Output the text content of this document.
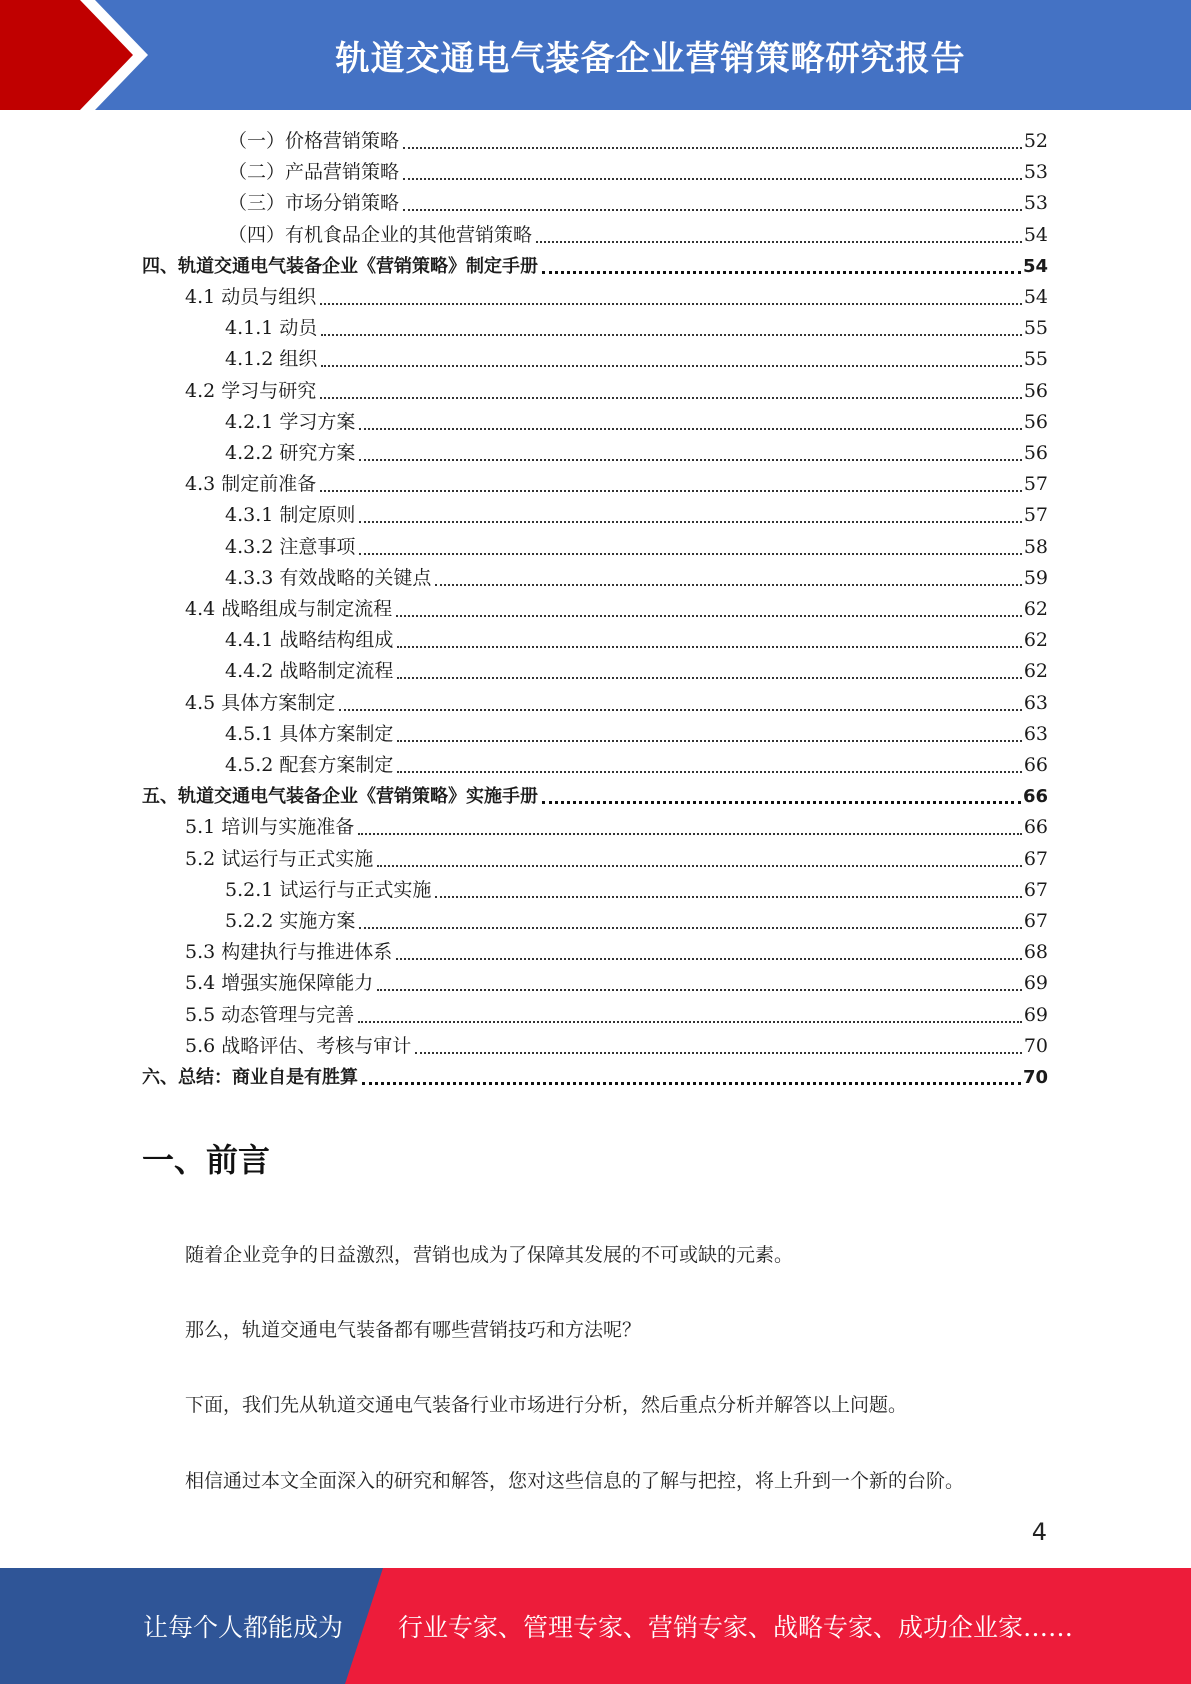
轨道交通电气装备企业营销策略研究报告
（一）价格营销策略	52
（二）产品营销策略	53
（三）市场分销策略	53
（四）有机食品企业的其他营销策略	54
四、轨道交通电气装备企业《营销策略》制定手册	54
4.1 动员与组织	54
4.1.1 动员	55
4.1.2 组织	55
4.2 学习与研究	56
4.2.1 学习方案	56
4.2.2 研究方案	56
4.3 制定前准备	57
4.3.1 制定原则	57
4.3.2 注意事项	58
4.3.3 有效战略的关键点	59
4.4 战略组成与制定流程	62
4.4.1 战略结构组成	62
4.4.2 战略制定流程	62
4.5 具体方案制定	63
4.5.1 具体方案制定	63
4.5.2 配套方案制定	66
五、轨道交通电气装备企业《营销策略》实施手册	66
5.1 培训与实施准备	66
5.2 试运行与正式实施	67
5.2.1 试运行与正式实施	67
5.2.2 实施方案	67
5.3 构建执行与推进体系	68
5.4 增强实施保障能力	69
5.5 动态管理与完善	69
5.6 战略评估、考核与审计	70
六、总结：商业自是有胜算	70
一、前言
随着企业竞争的日益激烈，营销也成为了保障其发展的不可或缺的元素。
那么，轨道交通电气装备都有哪些营销技巧和方法呢？
下面，我们先从轨道交通电气装备行业市场进行分析，然后重点分析并解答以上问题。
相信通过本文全面深入的研究和解答，您对这些信息的了解与把控，将上升到一个新的台阶。
4
让每个人都能成为 行业专家、管理专家、营销专家、战略专家、成功企业家……
